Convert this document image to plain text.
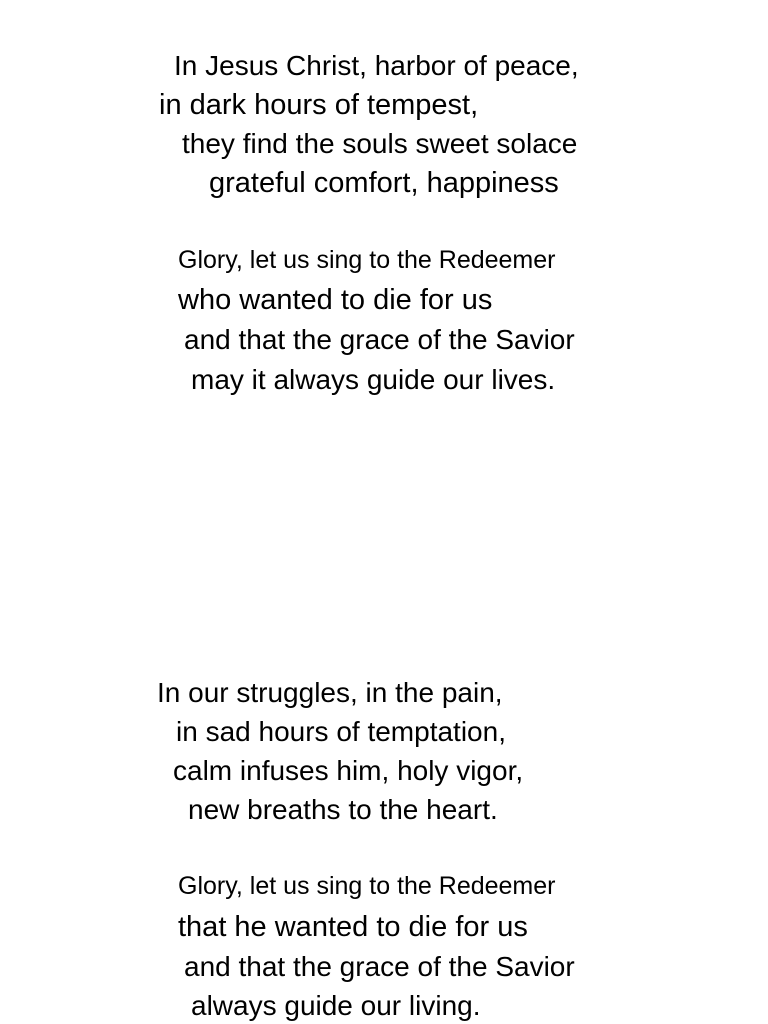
In Jesus Christ, harbor of peace,
in dark hours of tempest,
they find the souls sweet solace
grateful comfort, happiness
Glory, let us sing to the Redeemer
who wanted to die for us
and that the grace of the Savior
may it always guide our lives.
In our struggles, in the pain,
in sad hours of temptation,
calm infuses him, holy vigor,
new breaths to the heart.
Glory, let us sing to the Redeemer
that he wanted to die for us
and that the grace of the Savior
always guide our living.
